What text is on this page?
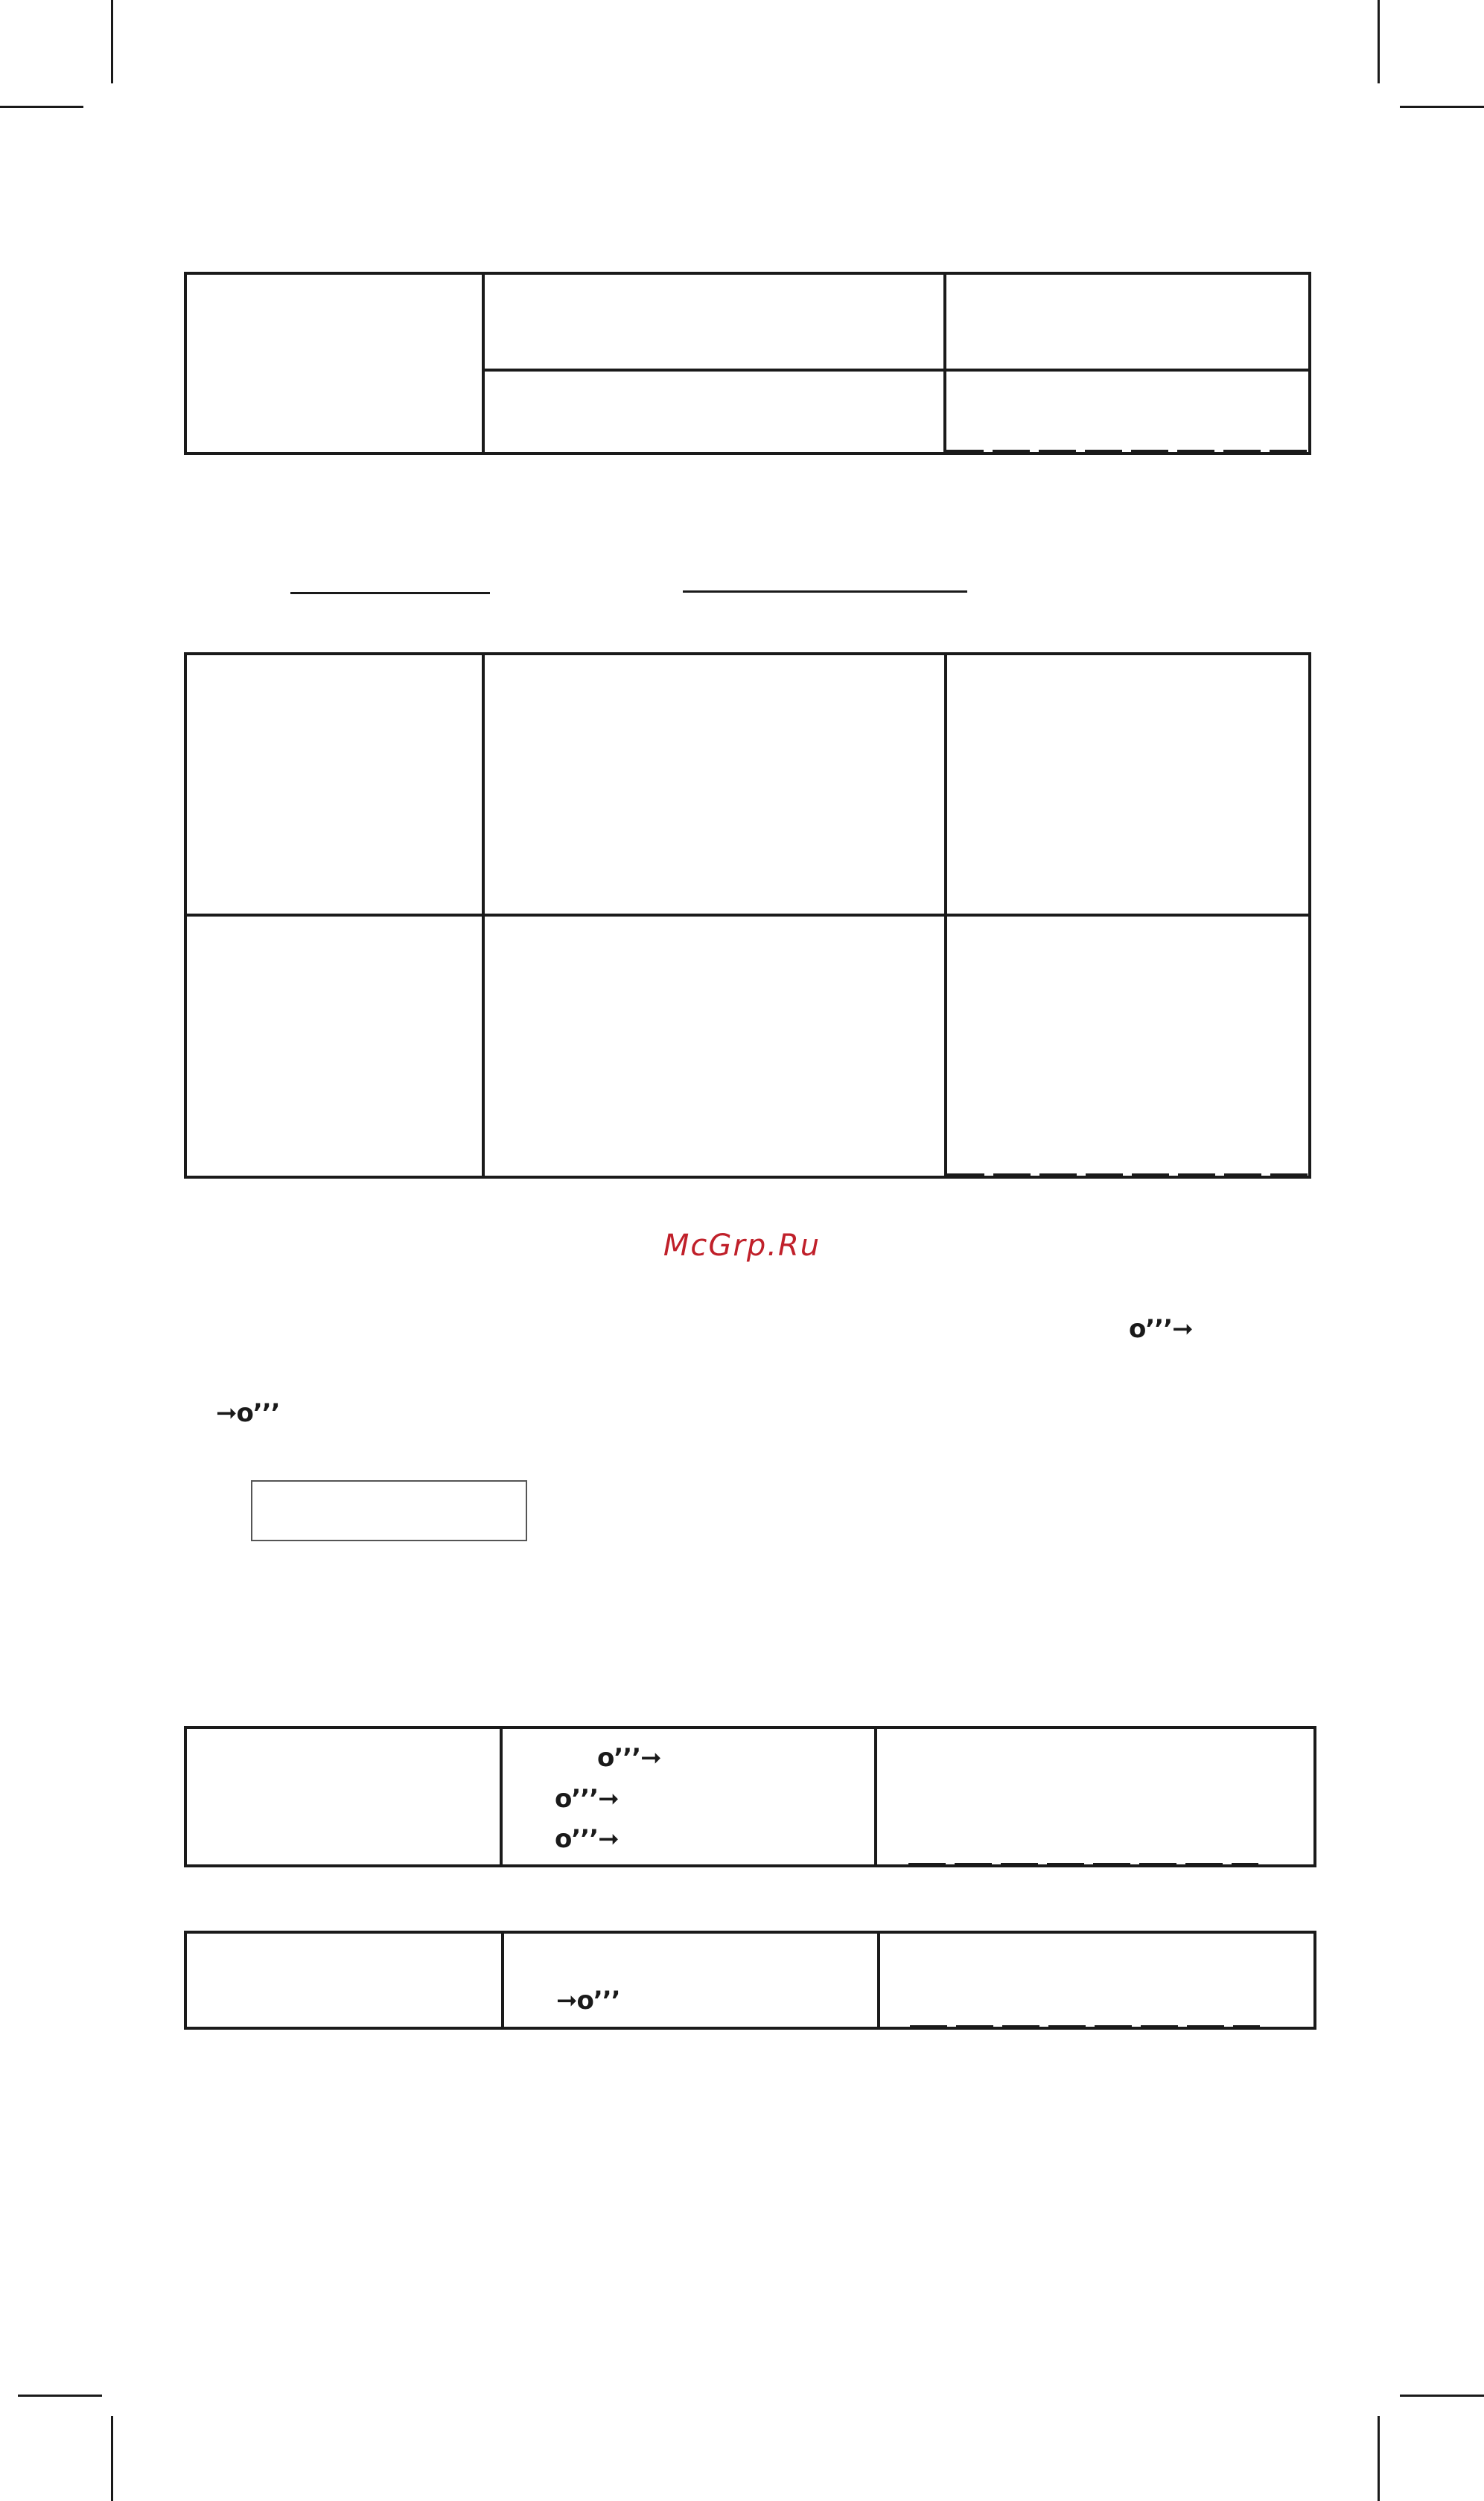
McGrp.Ru
o’’’➞
➞o’’’
o’’’➞
o’’’➞
o’’’➞
➞o’’’
